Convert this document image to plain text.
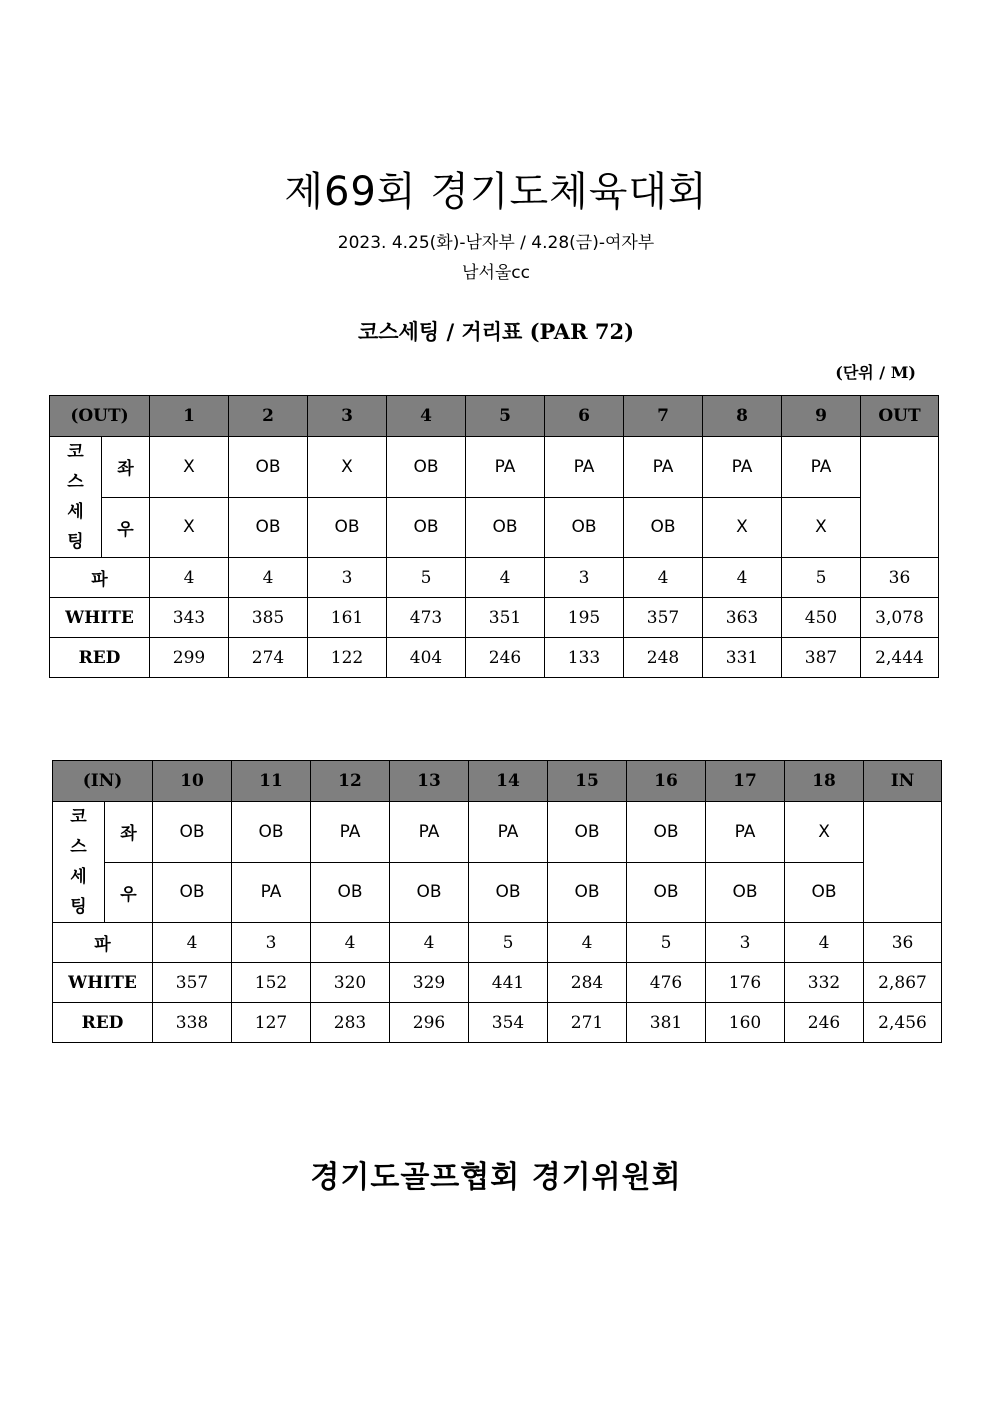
제69회 경기도체육대회
2023. 4.25(화)-남자부 / 4.28(금)-여자부
남서울cc
코스세팅 / 거리표 (PAR 72)
(단위 / M)
(OUT)		1	2	3	4	5	6	7	8	9	OUT

코
스
세
팅	좌	X	OB	X	OB	PA	PA	PA	PA	PA	
	우	X	OB	OB	OB	OB	OB	OB	X	X	
파		4	4	3	5	4	3	4	4	5	36
WHITE		343	385	161	473	351	195	357	363	450	3,078
RED		299	274	122	404	246	133	248	331	387	2,444
(IN)		10	11	12	13	14	15	16	17	18	IN

코
스
세
팅	좌	OB	OB	PA	PA	PA	OB	OB	PA	X	
	우	OB	PA	OB	OB	OB	OB	OB	OB	OB	
파		4	3	4	4	5	4	5	3	4	36
WHITE		357	152	320	329	441	284	476	176	332	2,867
RED		338	127	283	296	354	271	381	160	246	2,456
경기도골프협회 경기위원회
